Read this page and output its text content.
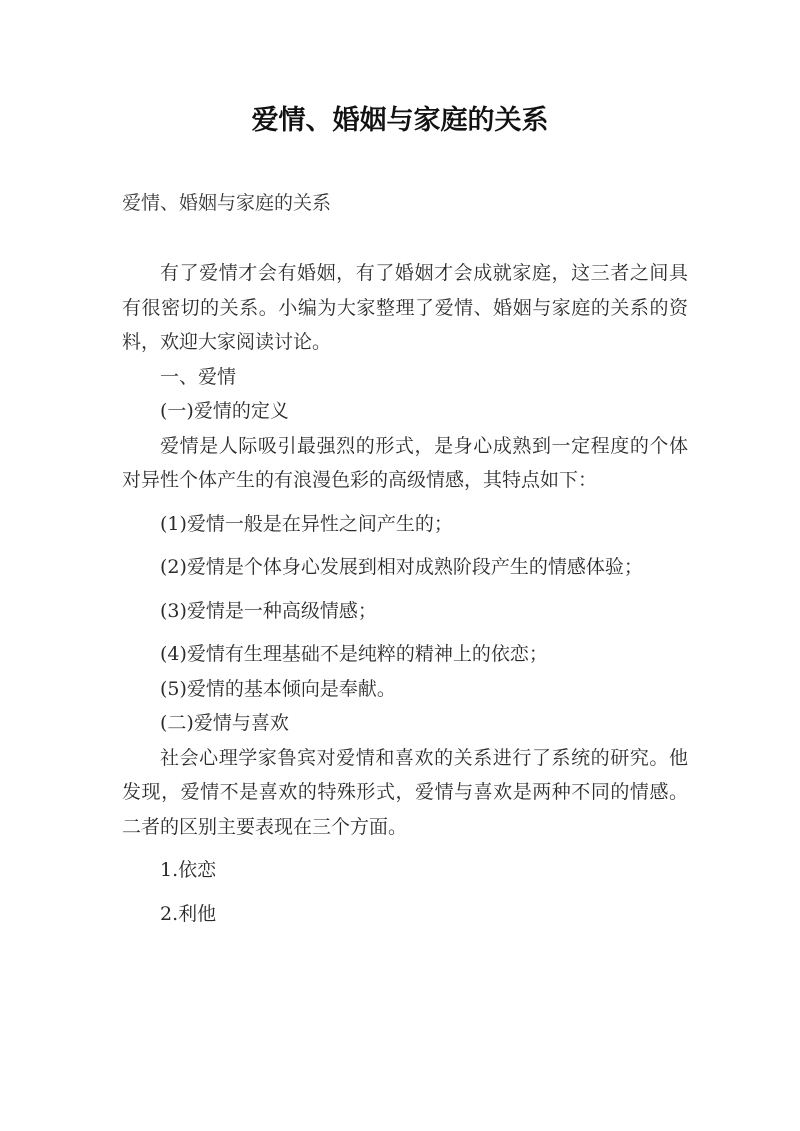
爱情、婚姻与家庭的关系
爱情、婚姻与家庭的关系

有了爱情才会有婚姻，有了婚姻才会成就家庭，这三者之间具有很密切的关系。小编为大家整理了爱情、婚姻与家庭的关系的资料，欢迎大家阅读讨论。

一、爱情

(一)爱情的定义

爱情是人际吸引最强烈的形式，是身心成熟到一定程度的个体对异性个体产生的有浪漫色彩的高级情感，其特点如下：

(1)爱情一般是在异性之间产生的；

(2)爱情是个体身心发展到相对成熟阶段产生的情感体验；

(3)爱情是一种高级情感；

(4)爱情有生理基础不是纯粹的精神上的依恋；

(5)爱情的基本倾向是奉献。

(二)爱情与喜欢

社会心理学家鲁宾对爱情和喜欢的关系进行了系统的研究。他发现，爱情不是喜欢的特殊形式，爱情与喜欢是两种不同的情感。二者的区别主要表现在三个方面。

1.依恋

2.利他
